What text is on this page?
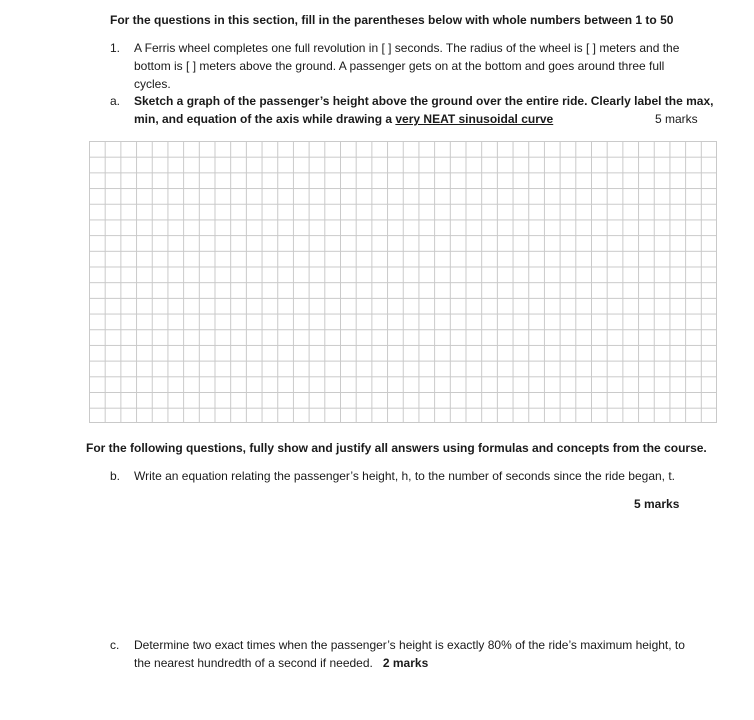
For the questions in this section, fill in the parentheses below with whole numbers between 1 to 50
1.	A Ferris wheel completes one full revolution in [ ] seconds. The radius of the wheel is [ ] meters and the
bottom is [ ] meters above the ground. A passenger gets on at the bottom and goes around three full
cycles.
a.	Sketch a graph of the passenger’s height above the ground over the entire ride. Clearly label the max,
min, and equation of the axis while drawing a very NEAT sinusoidal curve	5 marks
For the following questions, fully show and justify all answers using formulas and concepts from the course.
b.	Write an equation relating the passenger’s height, h, to the number of seconds since the ride began, t.
5 marks
c.	Determine two exact times when the passenger’s height is exactly 80% of the ride’s maximum height, to
the nearest hundredth of a second if needed. 2 marks
